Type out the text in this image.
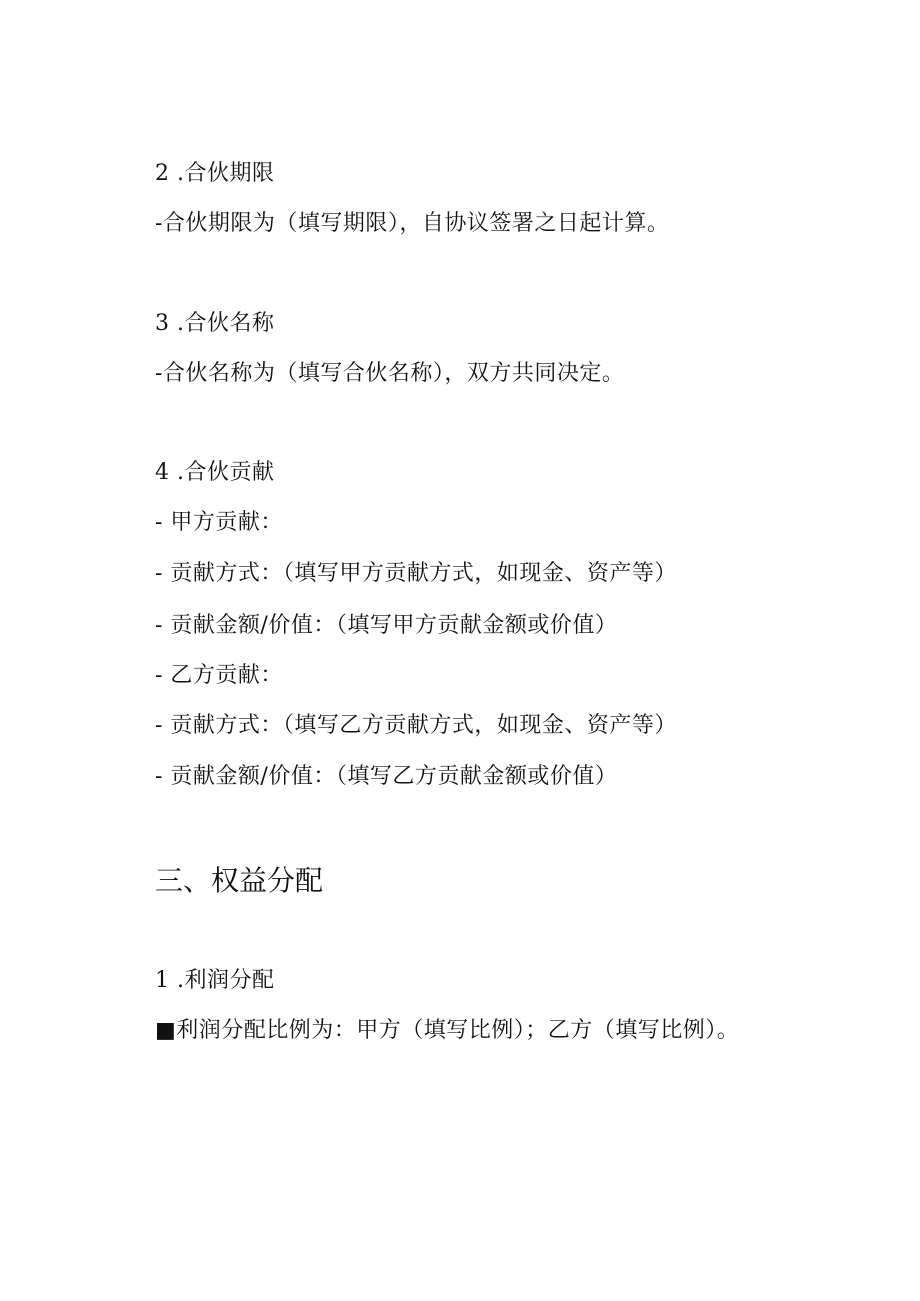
2 .合伙期限

-合伙期限为（填写期限），自协议签署之日起计算。

3 .合伙名称

-合伙名称为（填写合伙名称），双方共同决定。

4 .合伙贡献

- 甲方贡献：

- 贡献方式：（填写甲方贡献方式，如现金、资产等）

- 贡献金额/价值：（填写甲方贡献金额或价值）

- 乙方贡献：

- 贡献方式：（填写乙方贡献方式，如现金、资产等）

- 贡献金额/价值：（填写乙方贡献金额或价值）

三、权益分配

1 .利润分配

■利润分配比例为：甲方（填写比例）；乙方（填写比例）。
